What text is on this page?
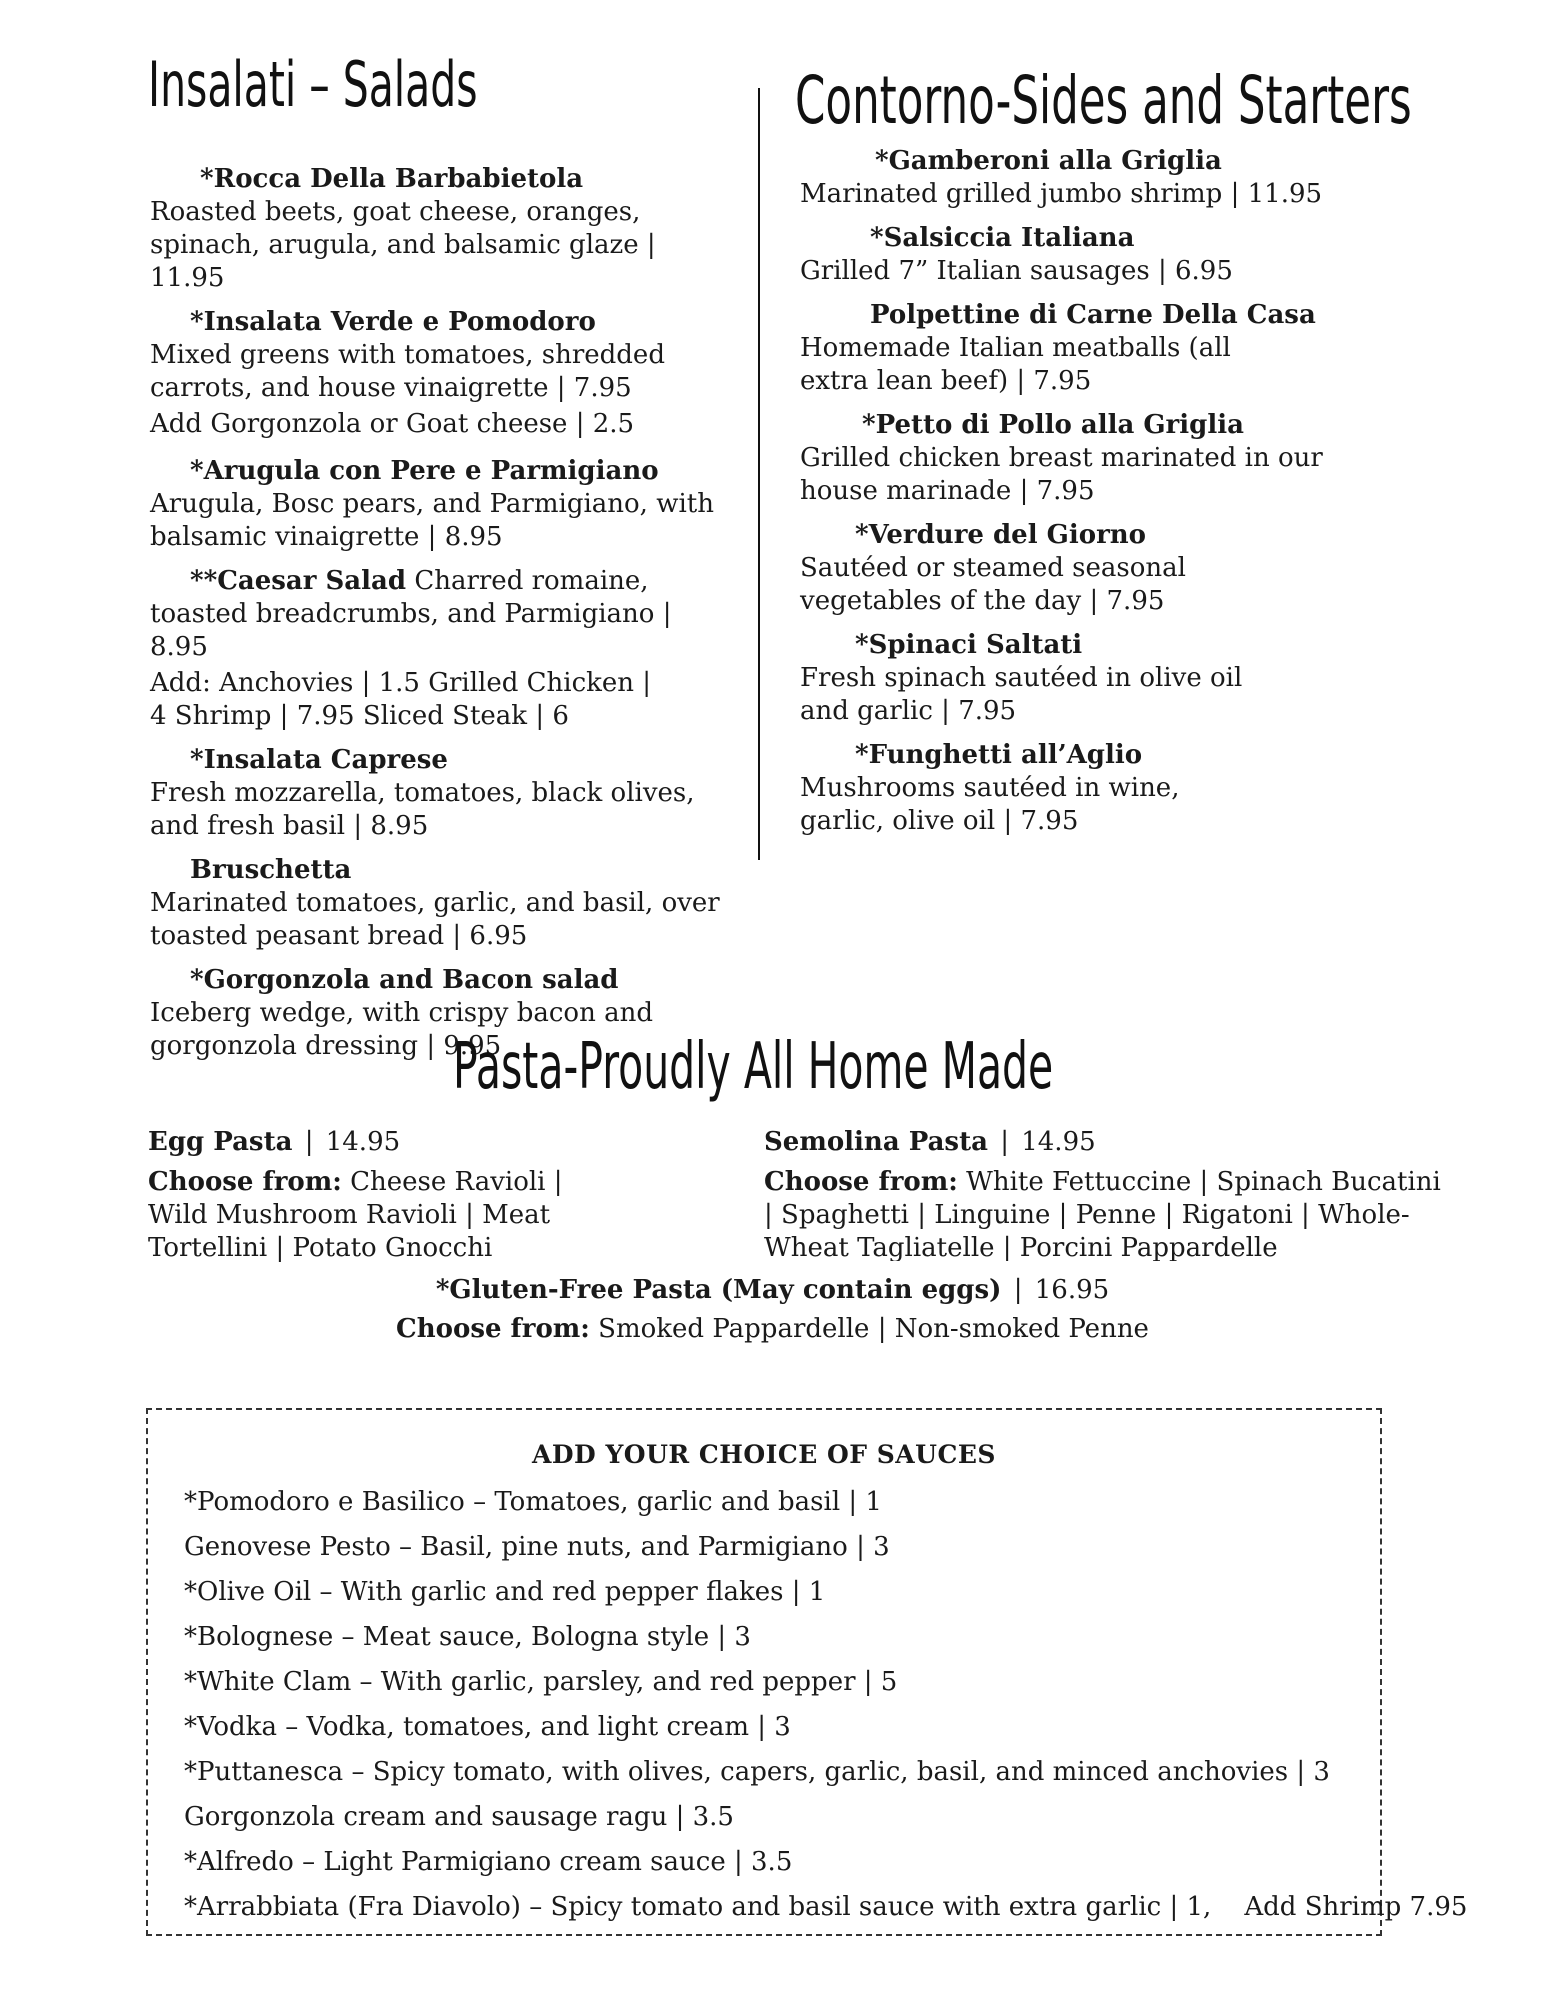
Insalati – Salads	Contorno-Sides and Starters
*Rocca Della Barbabietola
Roasted beets, goat cheese, oranges, spinach, arugula, and balsamic glaze | 11.95
*Insalata Verde e Pomodoro
Mixed greens with tomatoes, shredded carrots, and house vinaigrette | 7.95
Add Gorgonzola or Goat cheese | 2.5
*Arugula con Pere e Parmigiano
Arugula, Bosc pears, and Parmigiano, with balsamic vinaigrette | 8.95
**Caesar Salad Charred romaine, toasted breadcrumbs, and Parmigiano | 8.95
Add: Anchovies | 1.5 Grilled Chicken | 4 Shrimp | 7.95 Sliced Steak | 6
*Insalata Caprese
Fresh mozzarella, tomatoes, black olives, and fresh basil | 8.95
Bruschetta
Marinated tomatoes, garlic, and basil, over toasted peasant bread | 6.95
*Gorgonzola and Bacon salad
Iceberg wedge, with crispy bacon and gorgonzola dressing | 9.95
*Gamberoni alla Griglia
Marinated grilled jumbo shrimp | 11.95
*Salsiccia Italiana
Grilled 7” Italian sausages | 6.95
Polpettine di Carne Della Casa
Homemade Italian meatballs (all extra lean beef) | 7.95
*Petto di Pollo alla Griglia
Grilled chicken breast marinated in our house marinade | 7.95
*Verdure del Giorno
Sautéed or steamed seasonal vegetables of the day | 7.95
*Spinaci Saltati
Fresh spinach sautéed in olive oil and garlic | 7.95
*Funghetti all’Aglio
Mushrooms sautéed in wine, garlic, olive oil | 7.95
Pasta-Proudly All Home Made
Egg Pasta | 14.95
Choose from: Cheese Ravioli | Wild Mushroom Ravioli | Meat Tortellini | Potato Gnocchi
Semolina Pasta | 14.95
Choose from: White Fettuccine | Spinach Bucatini | Spaghetti | Linguine | Penne | Rigatoni | Whole-Wheat Tagliatelle | Porcini Pappardelle
*Gluten-Free Pasta (May contain eggs) | 16.95
Choose from: Smoked Pappardelle | Non-smoked Penne
ADD YOUR CHOICE OF SAUCES
*Pomodoro e Basilico – Tomatoes, garlic and basil | 1
Genovese Pesto – Basil, pine nuts, and Parmigiano | 3
*Olive Oil – With garlic and red pepper flakes | 1
*Bolognese – Meat sauce, Bologna style | 3
*White Clam – With garlic, parsley, and red pepper | 5
*Vodka – Vodka, tomatoes, and light cream | 3
*Puttanesca – Spicy tomato, with olives, capers, garlic, basil, and minced anchovies | 3
Gorgonzola cream and sausage ragu | 3.5
*Alfredo – Light Parmigiano cream sauce | 3.5
*Arrabbiata (Fra Diavolo) – Spicy tomato and basil sauce with extra garlic | 1,    Add Shrimp 7.95
